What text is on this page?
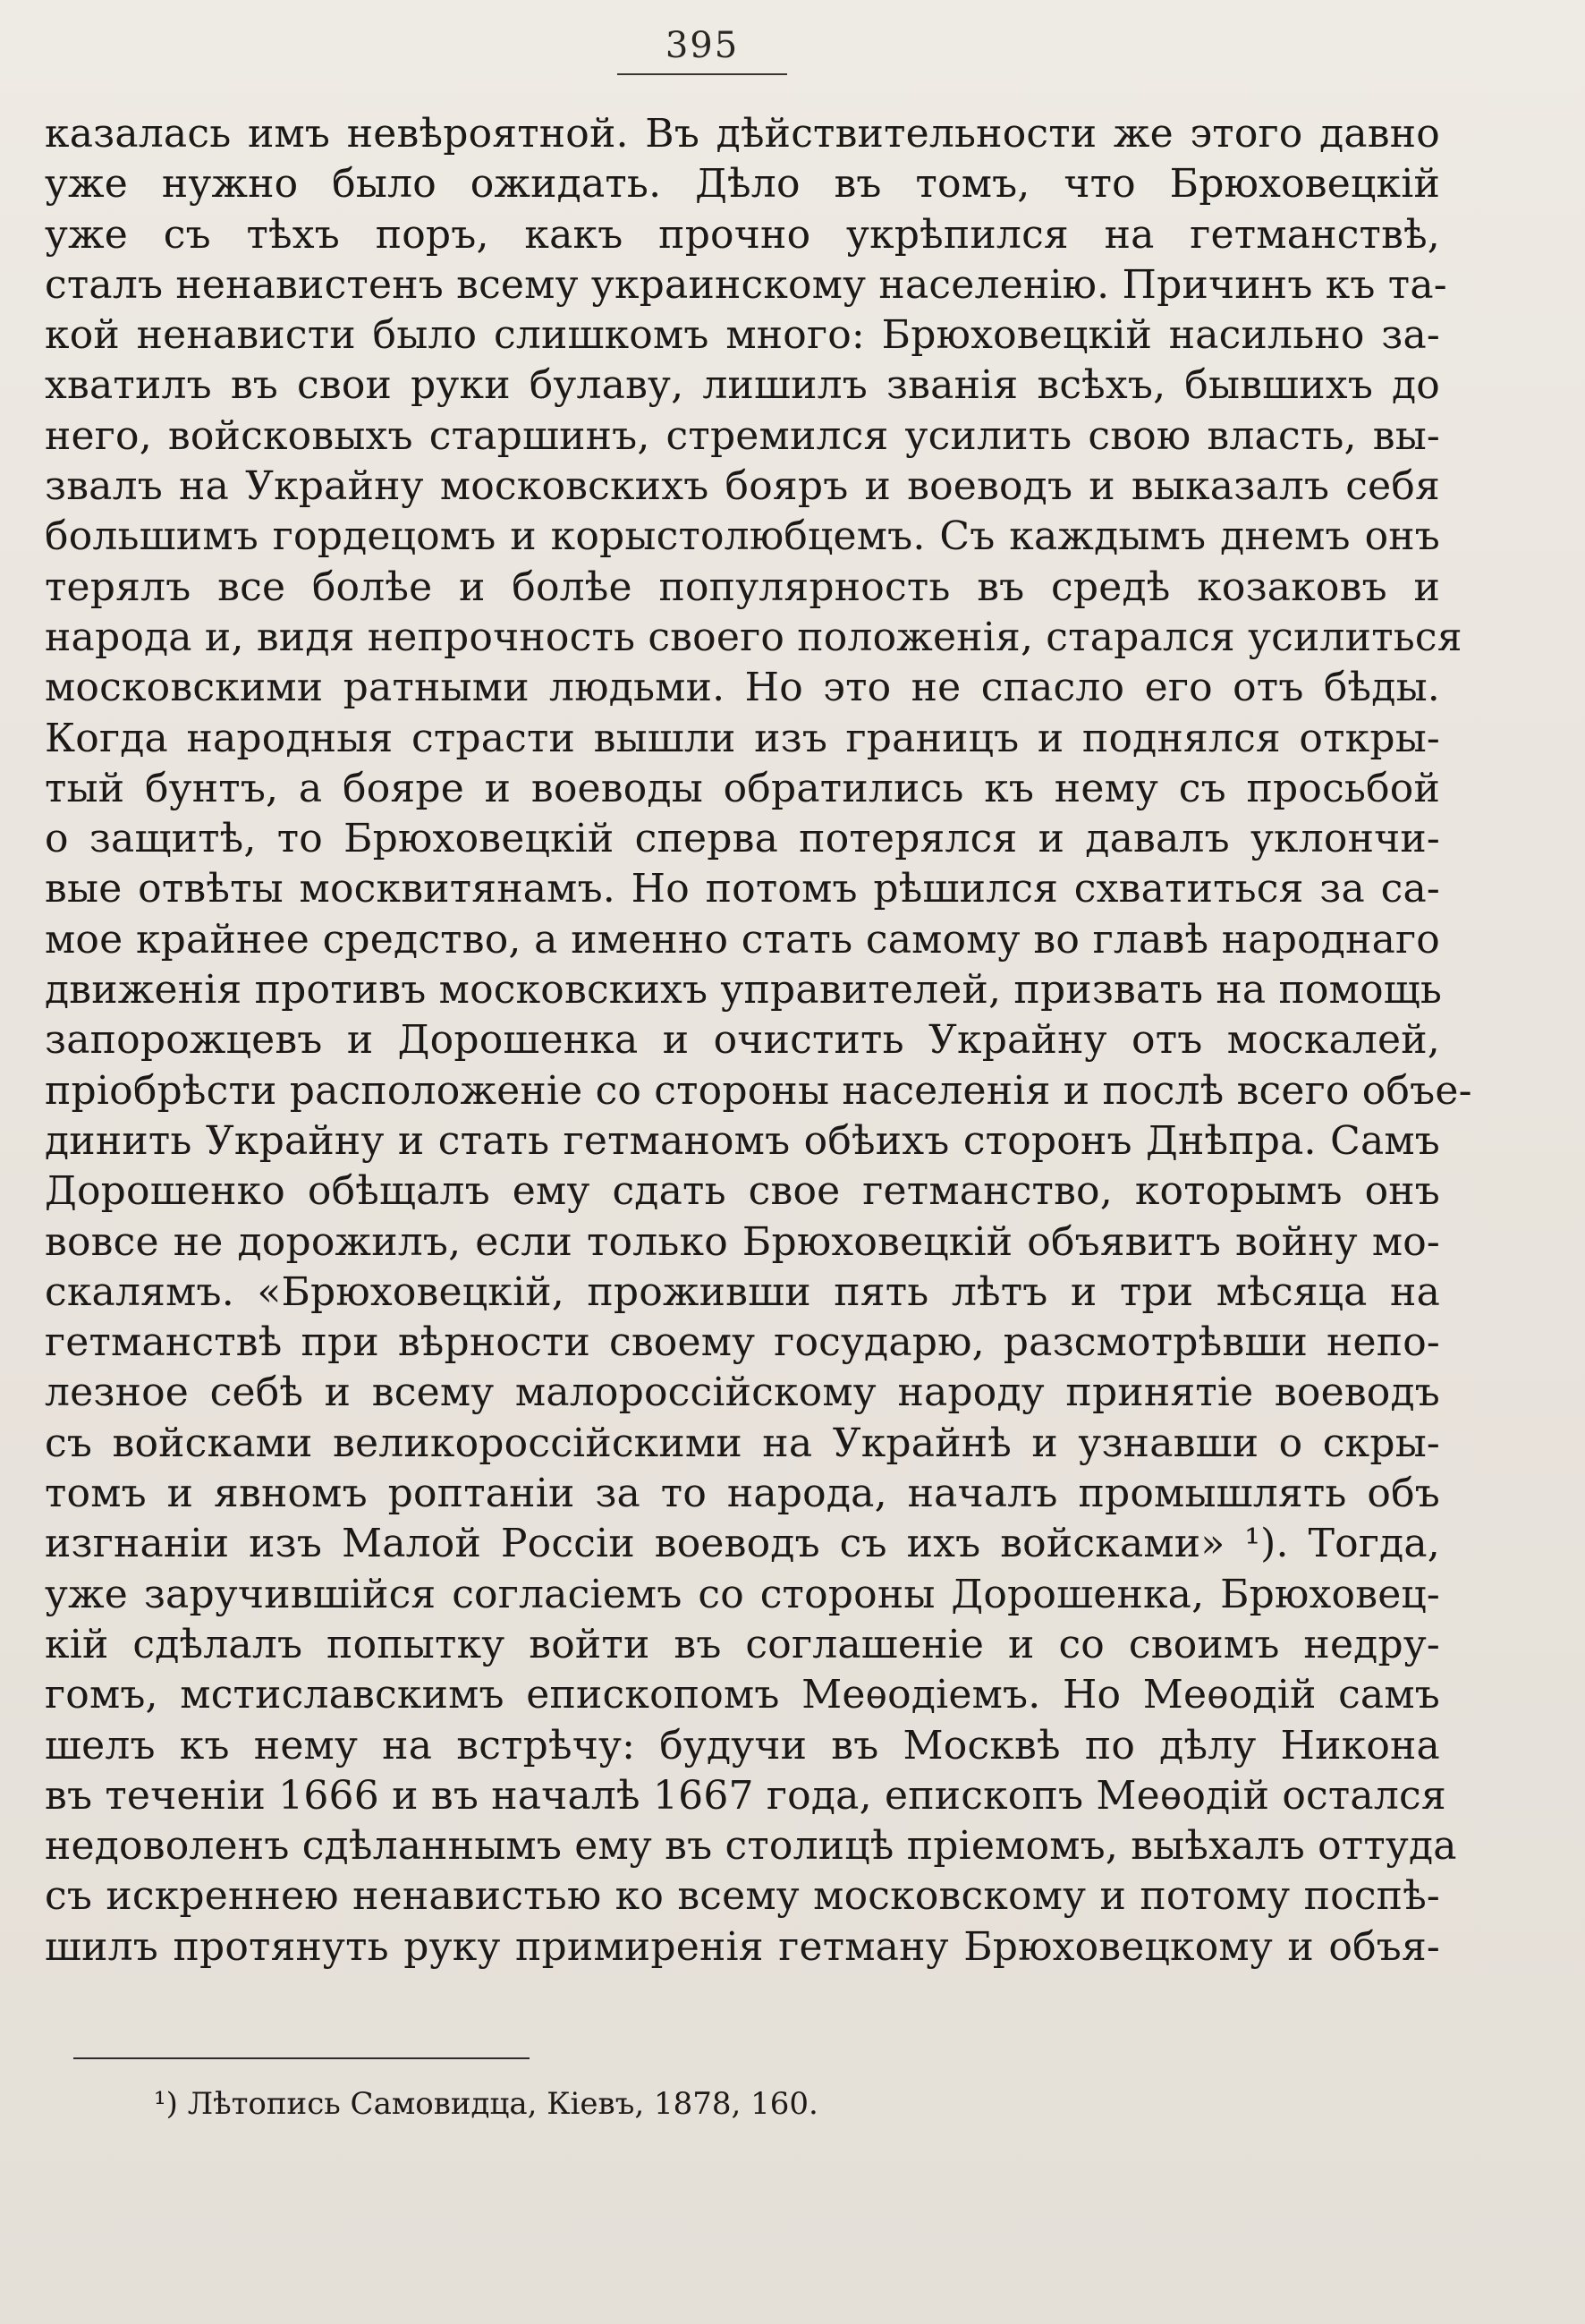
395
казалась имъ невѣроятной. Въ дѣйствительности же этого давно
уже нужно было ожидать. Дѣло въ томъ, что Брюховецкій
уже съ тѣхъ поръ, какъ прочно укрѣпился на гетманствѣ,
сталъ ненавистенъ всему украинскому населенію. Причинъ къ та-
кой ненависти было слишкомъ много: Брюховецкій насильно за-
хватилъ въ свои руки булаву, лишилъ званія всѣхъ, бывшихъ до
него, войсковыхъ старшинъ, стремился усилить свою власть, вы-
звалъ на Украйну московскихъ бояръ и воеводъ и выказалъ себя
большимъ гордецомъ и корыстолюбцемъ. Съ каждымъ днемъ онъ
терялъ все болѣе и болѣе популярность въ средѣ козаковъ и
народа и, видя непрочность своего положенія, старался усилиться
московскими ратными людьми. Но это не спасло его отъ бѣды.
Когда народныя страсти вышли изъ границъ и поднялся откры-
тый бунтъ, а бояре и воеводы обратились къ нему съ просьбой
о защитѣ, то Брюховецкій сперва потерялся и давалъ уклончи-
вые отвѣты москвитянамъ. Но потомъ рѣшился схватиться за са-
мое крайнее средство, а именно стать самому во главѣ народнаго
движенія противъ московскихъ управителей, призвать на помощь
запорожцевъ и Дорошенка и очистить Украйну отъ москалей,
пріобрѣсти расположеніе со стороны населенія и послѣ всего объе-
динить Украйну и стать гетманомъ обѣихъ сторонъ Днѣпра. Самъ
Дорошенко обѣщалъ ему сдать свое гетманство, которымъ онъ
вовсе не дорожилъ, если только Брюховецкій объявитъ войну мо-
скалямъ. «Брюховецкій, проживши пять лѣтъ и три мѣсяца на
гетманствѣ при вѣрности своему государю, разсмотрѣвши непо-
лезное себѣ и всему малороссійскому народу принятіе воеводъ
съ войсками великороссійскими на Украйнѣ и узнавши о скры-
томъ и явномъ роптаніи за то народа, началъ промышлять объ
изгнаніи изъ Малой Россіи воеводъ съ ихъ войсками» ¹). Тогда,
уже заручившійся согласіемъ со стороны Дорошенка, Брюховец-
кій сдѣлалъ попытку войти въ соглашеніе и со своимъ недру-
гомъ, мстиславскимъ епископомъ Меѳодіемъ. Но Меѳодій самъ
шелъ къ нему на встрѣчу: будучи въ Москвѣ по дѣлу Никона
въ теченіи 1666 и въ началѣ 1667 года, епископъ Меѳодій остался
недоволенъ сдѣланнымъ ему въ столицѣ пріемомъ, выѣхалъ оттуда
съ искреннею ненавистью ко всему московскому и потому поспѣ-
шилъ протянуть руку примиренія гетману Брюховецкому и объя-
¹) Лѣтопись Самовидца, Кіевъ, 1878, 160.
